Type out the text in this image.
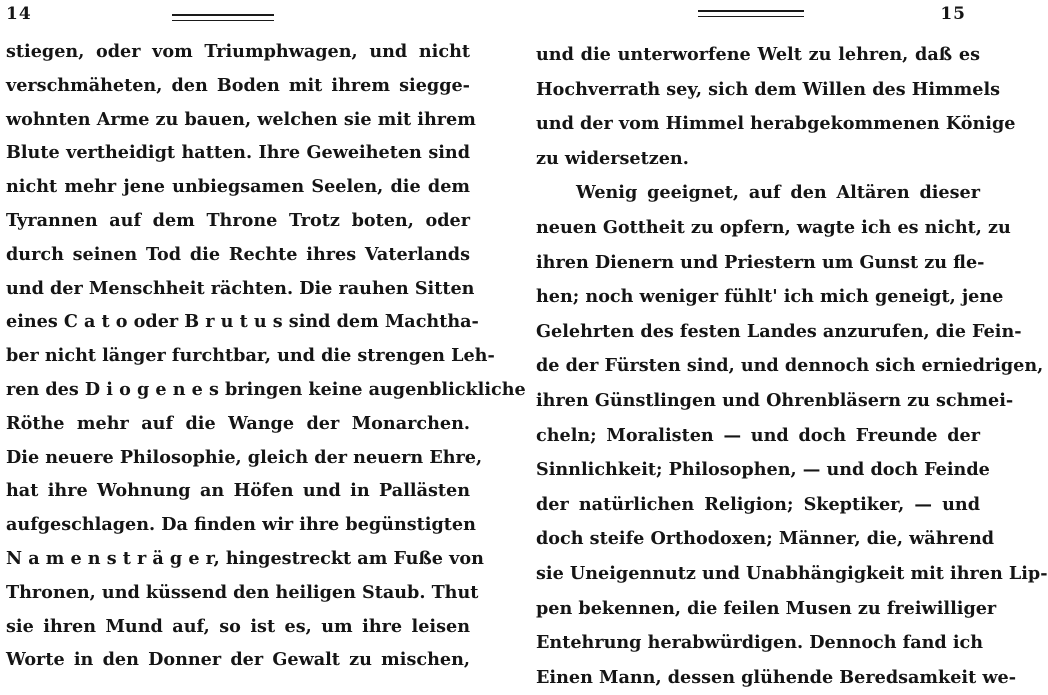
14
stiegen, oder vom Triumphwagen, und nicht
verschmäheten, den Boden mit ihrem siegge-
wohnten Arme zu bauen, welchen sie mit ihrem
Blute vertheidigt hatten. Ihre Geweiheten sind
nicht mehr jene unbiegsamen Seelen, die dem
Tyrannen auf dem Throne Trotz boten, oder
durch seinen Tod die Rechte ihres Vaterlands
und der Menschheit rächten. Die rauhen Sitten
eines C a t o oder B r u t u s sind dem Machtha-
ber nicht länger furchtbar, und die strengen Leh-
ren des D i o g e n e s bringen keine augenblickliche
Röthe mehr auf die Wange der Monarchen.
Die neuere Philosophie, gleich der neuern Ehre,
hat ihre Wohnung an Höfen und in Pallästen
aufgeschlagen. Da finden wir ihre begünstigten
N a m e n s t r ä g e r, hingestreckt am Fuße von
Thronen, und küssend den heiligen Staub. Thut
sie ihren Mund auf, so ist es, um ihre leisen
Worte in den Donner der Gewalt zu mischen,
15
und die unterworfene Welt zu lehren, daß es
Hochverrath sey, sich dem Willen des Himmels
und der vom Himmel herabgekommenen Könige
zu widersetzen.
Wenig geeignet, auf den Altären dieser
neuen Gottheit zu opfern, wagte ich es nicht, zu
ihren Dienern und Priestern um Gunst zu fle-
hen; noch weniger fühlt' ich mich geneigt, jene
Gelehrten des festen Landes anzurufen, die Fein-
de der Fürsten sind, und dennoch sich erniedrigen,
ihren Günstlingen und Ohrenbläsern zu schmei-
cheln; Moralisten — und doch Freunde der
Sinnlichkeit; Philosophen, — und doch Feinde
der natürlichen Religion; Skeptiker, — und
doch steife Orthodoxen; Männer, die, während
sie Uneigennutz und Unabhängigkeit mit ihren Lip-
pen bekennen, die feilen Musen zu freiwilliger
Entehrung herabwürdigen. Dennoch fand ich
Einen Mann, dessen glühende Beredsamkeit we-
